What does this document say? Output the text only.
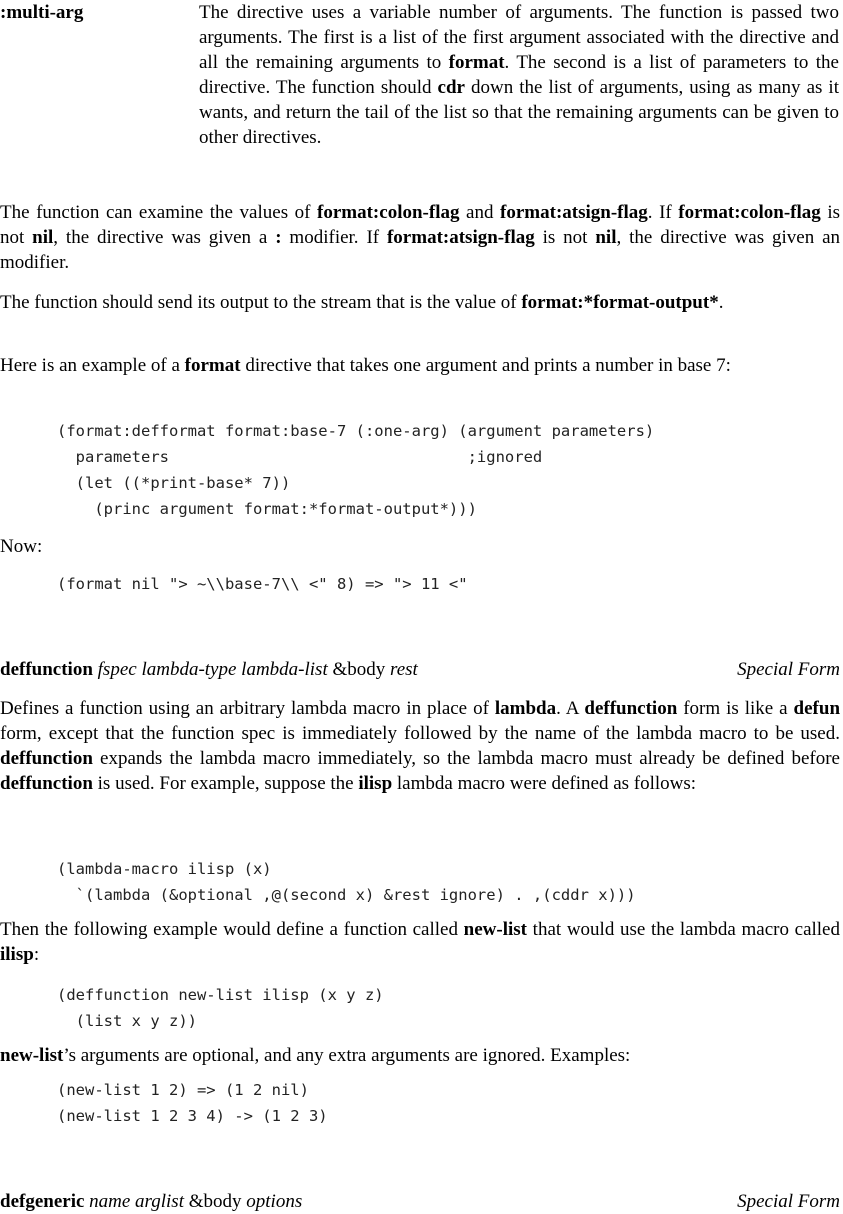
:multi-arg	The directive uses a variable number of arguments. The function is passed two arguments. The first is a list of the first argument associated with the directive and all the remaining arguments to format. The second is a list of parameters to the directive. The function should cdr down the list of arguments, using as many as it wants, and return the tail of the list so that the remaining arguments can be given to other directives.

The function can examine the values of format:colon-flag and format:atsign-flag. If format:colon-flag is not nil, the directive was given a : modifier. If format:atsign-flag is not nil, the directive was given an modifier.

The function should send its output to the stream that is the value of format:*format-output*.

Here is an example of a format directive that takes one argument and prints a number in base 7:

(format:defformat format:base-7 (:one-arg) (argument parameters)
parameters                                ;ignored
(let ((*print-base* 7))
(princ argument format:*format-output*)))

Now:

(format nil "> ~\\base-7\\ <" 8) => "> 11 <"
deffunction fspec lambda-type lambda-list &body rest	Special Form

Defines a function using an arbitrary lambda macro in place of lambda. A deffunction form is like a defun form, except that the function spec is immediately followed by the name of the lambda macro to be used. deffunction expands the lambda macro immediately, so the lambda macro must already be defined before deffunction is used. For example, suppose the ilisp lambda macro were defined as follows:

(lambda-macro ilisp (x)
`(lambda (&optional ,@(second x) &rest ignore) . ,(cddr x)))

Then the following example would define a function called new-list that would use the lambda macro called ilisp:

(deffunction new-list ilisp (x y z)
(list x y z))

new-list’s arguments are optional, and any extra arguments are ignored. Examples:

(new-list 1 2) => (1 2 nil)
(new-list 1 2 3 4) -> (1 2 3)
defgeneric name arglist &body options	Special Form
